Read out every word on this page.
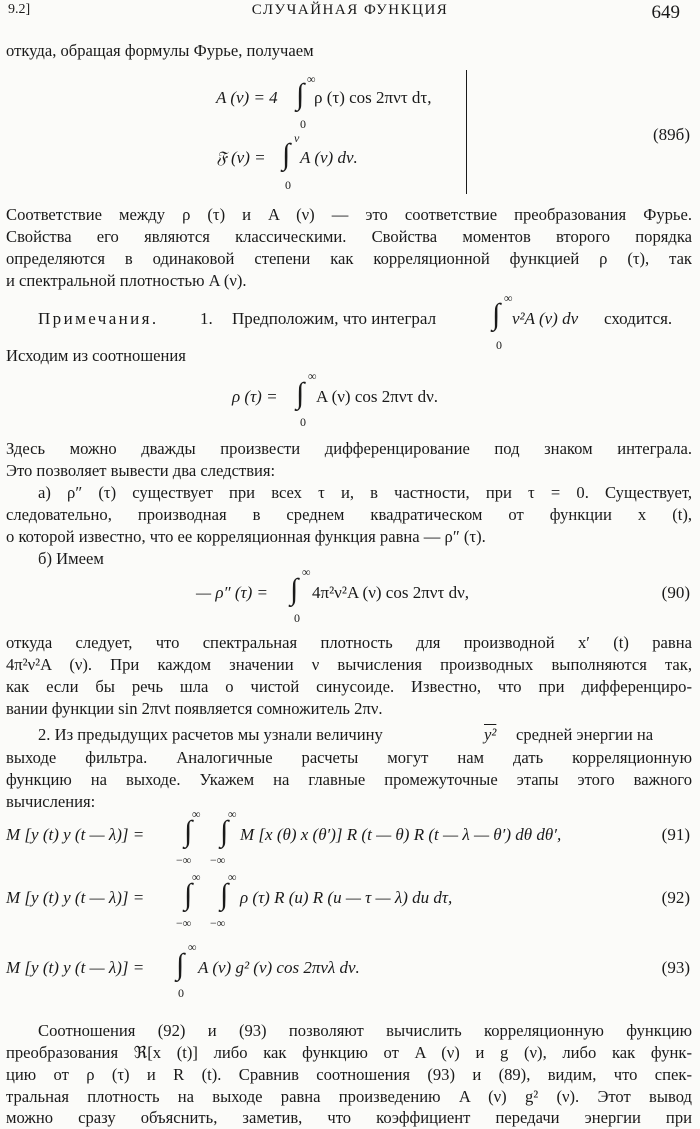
9.2]	СЛУЧАЙНАЯ ФУНКЦИЯ	649
откуда, обращая формулы Фурье, получаем
A (ν) = 4 ∫ ∞
0
ρ (τ) cos 2πντ dτ,
𝔉 (ν) = ∫ ν
0
A (ν) dν.
(89б)
Соответствие между ρ (τ) и A (ν) — это соответствие преобразования Фурье.
Свойства его являются классическими. Свойства моментов второго порядка
определяются в одинаковой степени как корреляционной функцией ρ (τ), так
и спектральной плотностью A (ν).
Примечания. 1. Предположим, что интеграл ∫ ∞
0
ν²A (ν) dν сходится.
Исходим из соотношения
ρ (τ) = ∫
∞
0
A (ν) cos 2πντ dν.
Здесь можно дважды произвести дифференцирование под знаком интеграла.
Это позволяет вывести два следствия:
а) ρ″ (τ) существует при всех τ и, в частности, при τ = 0. Существует,
следовательно, производная в среднем квадратическом от функции x (t),
о которой известно, что ее корреляционная функция равна — ρ″ (τ).
б) Имеем
— ρ″ (τ) = ∫
∞
0
4π²ν²A (ν) cos 2πντ dν,	(90)
откуда следует, что спектральная плотность для производной x′ (t) равна
4π²ν²A (ν). При каждом значении ν вычисления производных выполняются так,
как если бы речь шла о чистой синусоиде. Известно, что при дифференциро-
вании функции sin 2πνt появляется сомножитель 2πν.
2. Из предыдущих расчетов мы узнали величину	y² средней энергии на
выходе фильтра. Аналогичные расчеты могут нам дать корреляционную
функцию на выходе. Укажем на главные промежуточные этапы этого важного
вычисления:
M [y (t) y (t — λ)] = ∫
∞
−∞
∫
∞
−∞
M [x (θ) x (θ′)] R (t — θ) R (t — λ — θ′) dθ dθ′,	(91)
M [y (t) y (t — λ)] = ∫
∞
−∞
∫
∞
−∞
ρ (τ) R (u) R (u — τ — λ) du dτ,	(92)
M [y (t) y (t — λ)] = ∫
∞
0
A (ν) g² (ν) cos 2πνλ dν.	(93)
Соотношения (92) и (93) позволяют вычислить корреляционную функцию
преобразования ℜ[x (t)] либо как функцию от A (ν) и g (ν), либо как функ-
цию от ρ (τ) и R (t). Сравнив соотношения (93) и (89), видим, что спек-
тральная плотность на выходе равна произведению A (ν) g² (ν). Этот вывод
можно сразу объяснить, заметив, что коэффициент передачи энергии при
